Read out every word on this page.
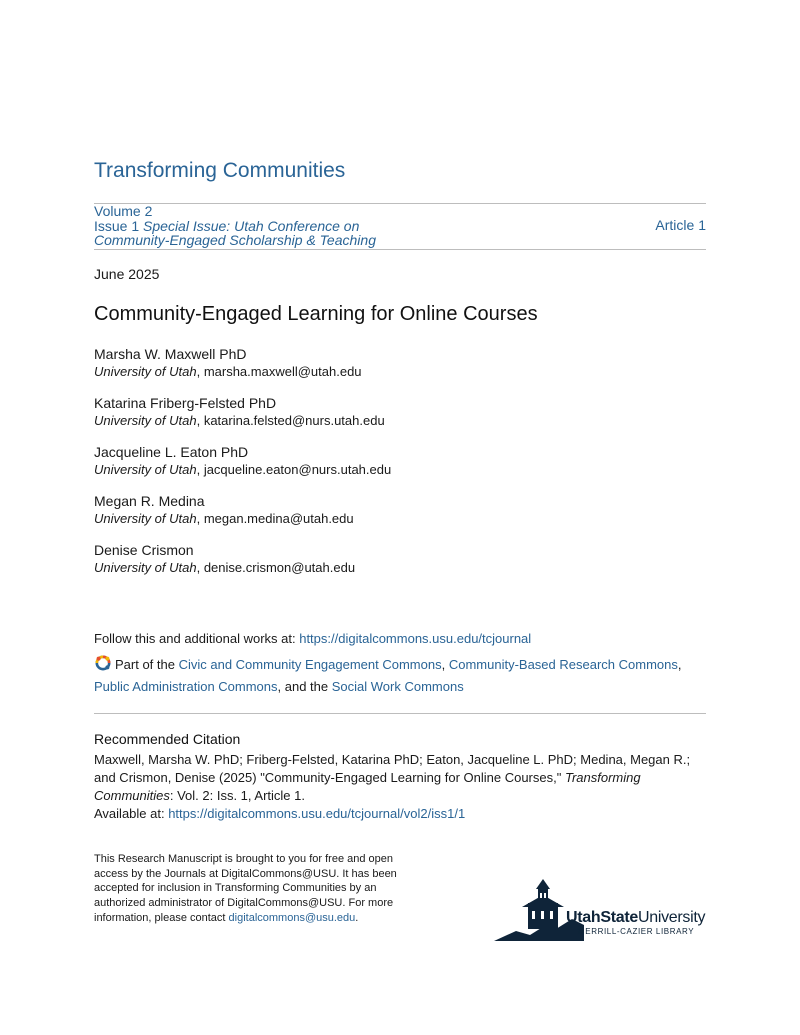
Transforming Communities
Volume 2
Issue 1 Special Issue: Utah Conference on
Community-Engaged Scholarship & Teaching
Article 1
June 2025
Community-Engaged Learning for Online Courses
Marsha W. Maxwell PhD
University of Utah, marsha.maxwell@utah.edu
Katarina Friberg-Felsted PhD
University of Utah, katarina.felsted@nurs.utah.edu
Jacqueline L. Eaton PhD
University of Utah, jacqueline.eaton@nurs.utah.edu
Megan R. Medina
University of Utah, megan.medina@utah.edu
Denise Crismon
University of Utah, denise.crismon@utah.edu
Follow this and additional works at: https://digitalcommons.usu.edu/tcjournal
Part of the Civic and Community Engagement Commons, Community-Based Research Commons,
Public Administration Commons, and the Social Work Commons
Recommended Citation
Maxwell, Marsha W. PhD; Friberg-Felsted, Katarina PhD; Eaton, Jacqueline L. PhD; Medina, Megan R.; and Crismon, Denise (2025) "Community-Engaged Learning for Online Courses," Transforming Communities: Vol. 2: Iss. 1, Article 1.
Available at: https://digitalcommons.usu.edu/tcjournal/vol2/iss1/1
This Research Manuscript is brought to you for free and open access by the Journals at DigitalCommons@USU. It has been accepted for inclusion in Transforming Communities by an authorized administrator of DigitalCommons@USU. For more information, please contact digitalcommons@usu.edu.	UtahStateUniversity
MERRILL-CAZIER LIBRARY
